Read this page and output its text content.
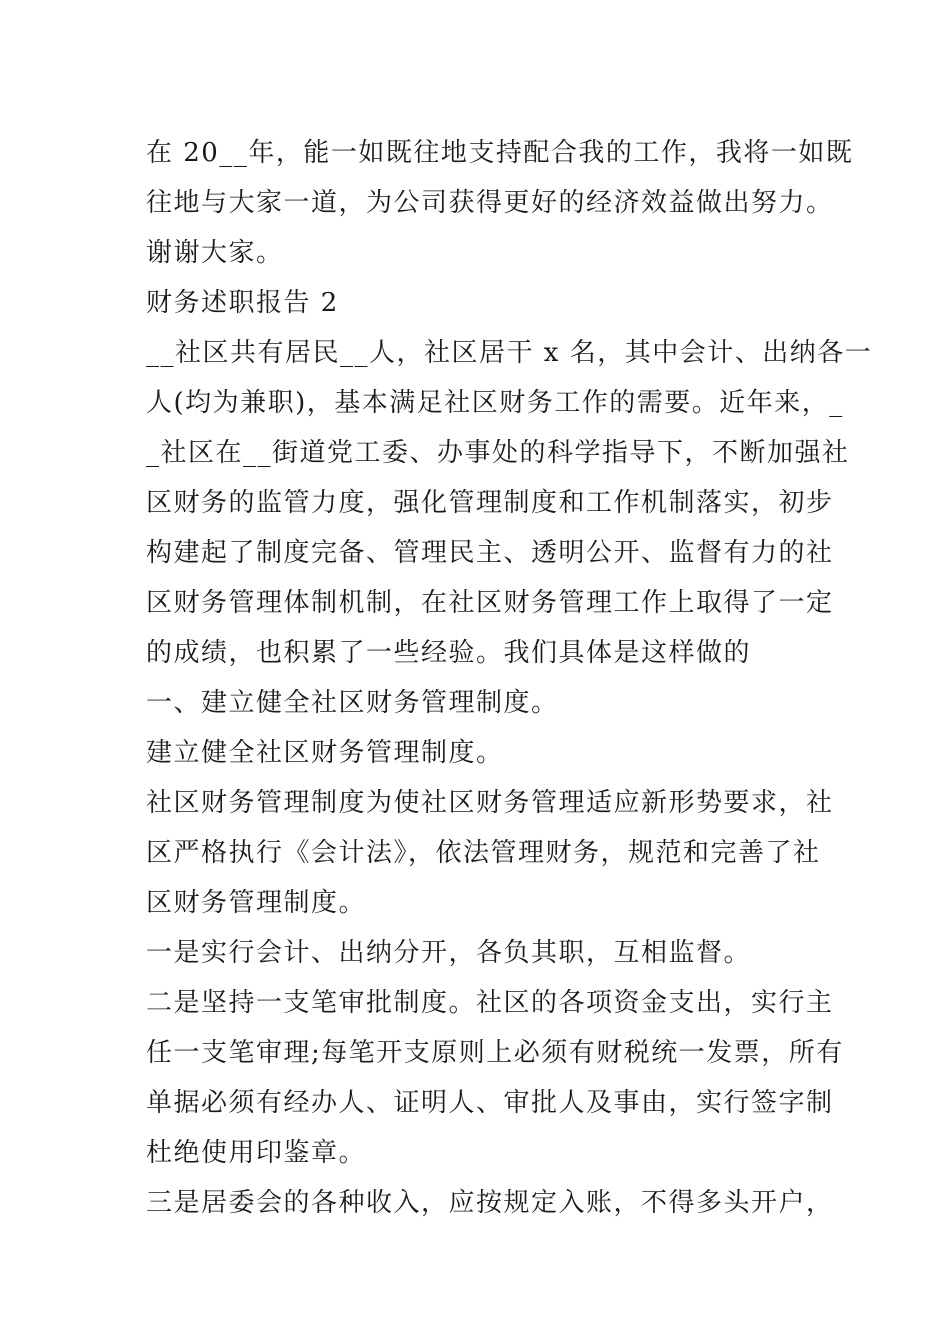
在 20__年，能一如既往地支持配合我的工作，我将一如既
往地与大家一道，为公司获得更好的经济效益做出努力。
谢谢大家。
财务述职报告 2
__社区共有居民__人，社区居干 x 名，其中会计、出纳各一
人(均为兼职)，基本满足社区财务工作的需要。近年来，_
_社区在__街道党工委、办事处的科学指导下，不断加强社
区财务的监管力度，强化管理制度和工作机制落实，初步
构建起了制度完备、管理民主、透明公开、监督有力的社
区财务管理体制机制，在社区财务管理工作上取得了一定
的成绩，也积累了一些经验。我们具体是这样做的
一、建立健全社区财务管理制度。
建立健全社区财务管理制度。
社区财务管理制度为使社区财务管理适应新形势要求，社
区严格执行《会计法》，依法管理财务，规范和完善了社
区财务管理制度。
一是实行会计、出纳分开，各负其职，互相监督。
二是坚持一支笔审批制度。社区的各项资金支出，实行主
任一支笔审理;每笔开支原则上必须有财税统一发票，所有
单据必须有经办人、证明人、审批人及事由，实行签字制
杜绝使用印鉴章。
三是居委会的各种收入，应按规定入账，不得多头开户，
